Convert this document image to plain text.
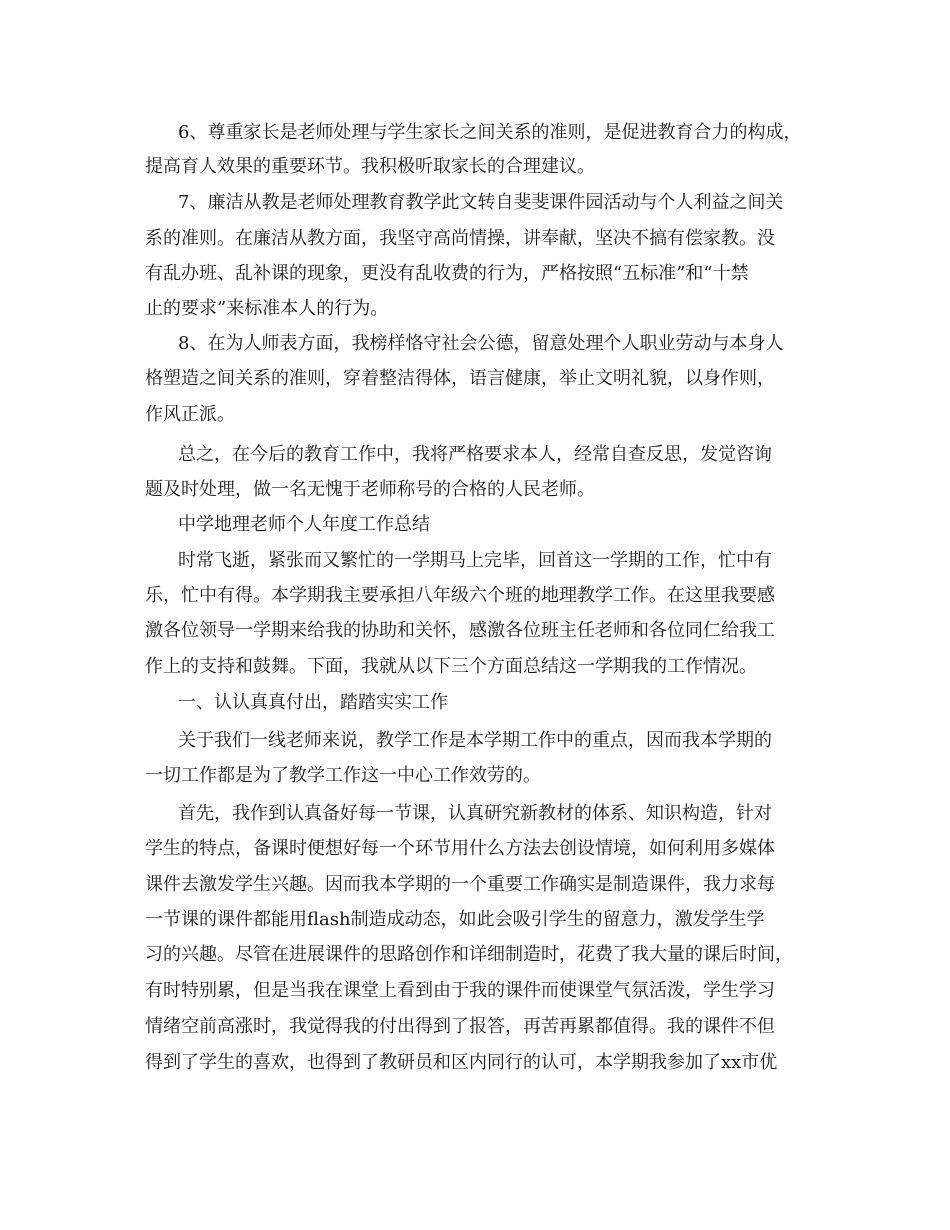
6、尊重家长是老师处理与学生家长之间关系的准则，是促进教育合力的构成，
提高育人效果的重要环节。我积极听取家长的合理建议。
7、廉洁从教是老师处理教育教学此文转自斐斐课件园活动与个人利益之间关
系的准则。在廉洁从教方面，我坚守高尚情操，讲奉献，坚决不搞有偿家教。没
有乱办班、乱补课的现象，更没有乱收费的行为，严格按照“五标准”和“十禁
止的要求”来标准本人的行为。
8、在为人师表方面，我榜样恪守社会公德，留意处理个人职业劳动与本身人
格塑造之间关系的准则，穿着整洁得体，语言健康，举止文明礼貌，以身作则，
作风正派。
总之，在今后的教育工作中，我将严格要求本人，经常自查反思，发觉咨询
题及时处理，做一名无愧于老师称号的合格的人民老师。
中学地理老师个人年度工作总结
时常飞逝，紧张而又繁忙的一学期马上完毕，回首这一学期的工作，忙中有
乐，忙中有得。本学期我主要承担八年级六个班的地理教学工作。在这里我要感
激各位领导一学期来给我的协助和关怀，感激各位班主任老师和各位同仁给我工
作上的支持和鼓舞。下面，我就从以下三个方面总结这一学期我的工作情况。
一、认认真真付出，踏踏实实工作
关于我们一线老师来说，教学工作是本学期工作中的重点，因而我本学期的
一切工作都是为了教学工作这一中心工作效劳的。
首先，我作到认真备好每一节课，认真研究新教材的体系、知识构造，针对
学生的特点，备课时便想好每一个环节用什么方法去创设情境，如何利用多媒体
课件去激发学生兴趣。因而我本学期的一个重要工作确实是制造课件，我力求每
一节课的课件都能用flash制造成动态，如此会吸引学生的留意力，激发学生学
习的兴趣。尽管在进展课件的思路创作和详细制造时，花费了我大量的课后时间，
有时特别累，但是当我在课堂上看到由于我的课件而使课堂气氛活泼，学生学习
情绪空前高涨时，我觉得我的付出得到了报答，再苦再累都值得。我的课件不但
得到了学生的喜欢，也得到了教研员和区内同行的认可，本学期我参加了xx市优
